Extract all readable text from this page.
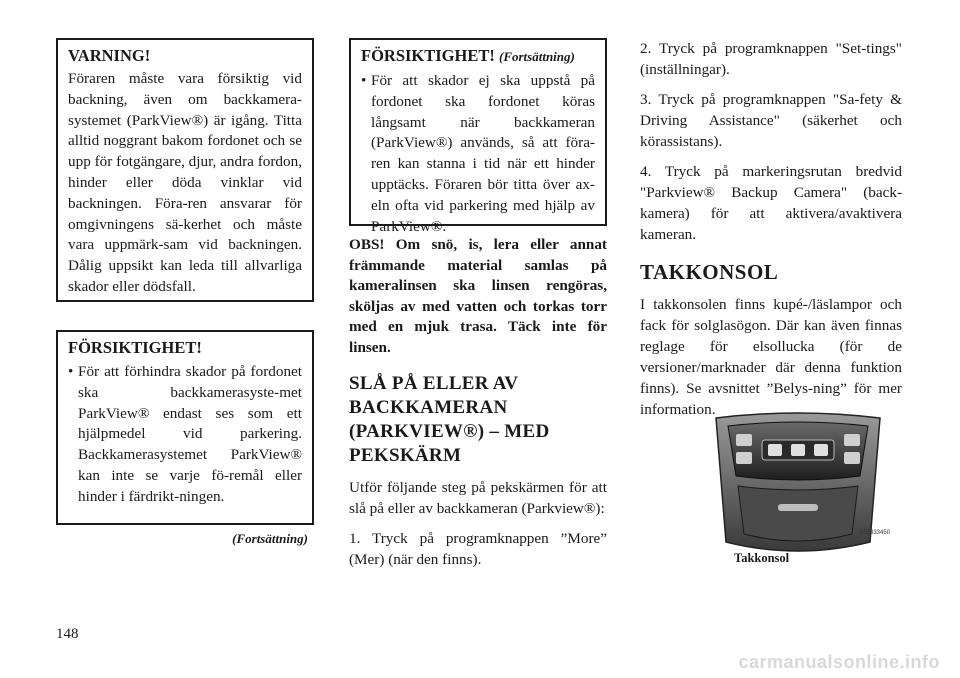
VARNING!
Föraren måste vara försiktig vid backning, även om backkamera-systemet (ParkView®) är igång. Titta alltid noggrant bakom fordonet och se upp för fotgängare, djur, andra fordon, hinder eller döda vinklar vid backningen. Föra-ren ansvarar för omgivningens sä-kerhet och måste vara uppmärk-sam vid backningen. Dålig uppsikt kan leda till allvarliga skador eller dödsfall.
FÖRSIKTIGHET!
• För att förhindra skador på fordonet ska backkamerasyste-met ParkView® endast ses som ett hjälpmedel vid parkering. Backkamerasystemet ParkView® kan inte se varje fö-remål eller hinder i färdrikt-ningen.
(Fortsättning)
FÖRSIKTIGHET! (Fortsättning)
• För att skador ej ska uppstå på fordonet ska fordonet köras långsamt när backkameran (ParkView®) används, så att föra-ren kan stanna i tid när ett hinder upptäcks. Föraren bör titta över ax-eln ofta vid parkering med hjälp av ParkView®.
OBS! Om snö, is, lera eller annat främmande material samlas på kameralinsen ska linsen rengöras, sköljas av med vatten och torkas torr med en mjuk trasa. Täck inte för linsen.
SLÅ PÅ ELLER AV BACKKAMERAN (PARKVIEW®) – MED PEKSKÄRM
Utför följande steg på pekskärmen för att slå på eller av backkameran (Parkview®):
1. Tryck på programknappen ”More” (Mer) (när den finns).
2. Tryck på programknappen "Set-tings" (inställningar).
3. Tryck på programknappen "Sa-fety & Driving Assistance" (säkerhet och körassistans).
4. Tryck på markeringsrutan bredvid "Parkview® Backup Camera" (back-kamera) för att aktivera/avaktivera kameran.
TAKKONSOL
I takkonsolen finns kupé-/läslampor och fack för solglasögon. Där kan även finnas reglage för elsollucka (för de versioner/marknader där denna funktion finns). Se avsnittet ”Belys-ning” för mer information.
033333450
Takkonsol
148
carmanualsonline.info
